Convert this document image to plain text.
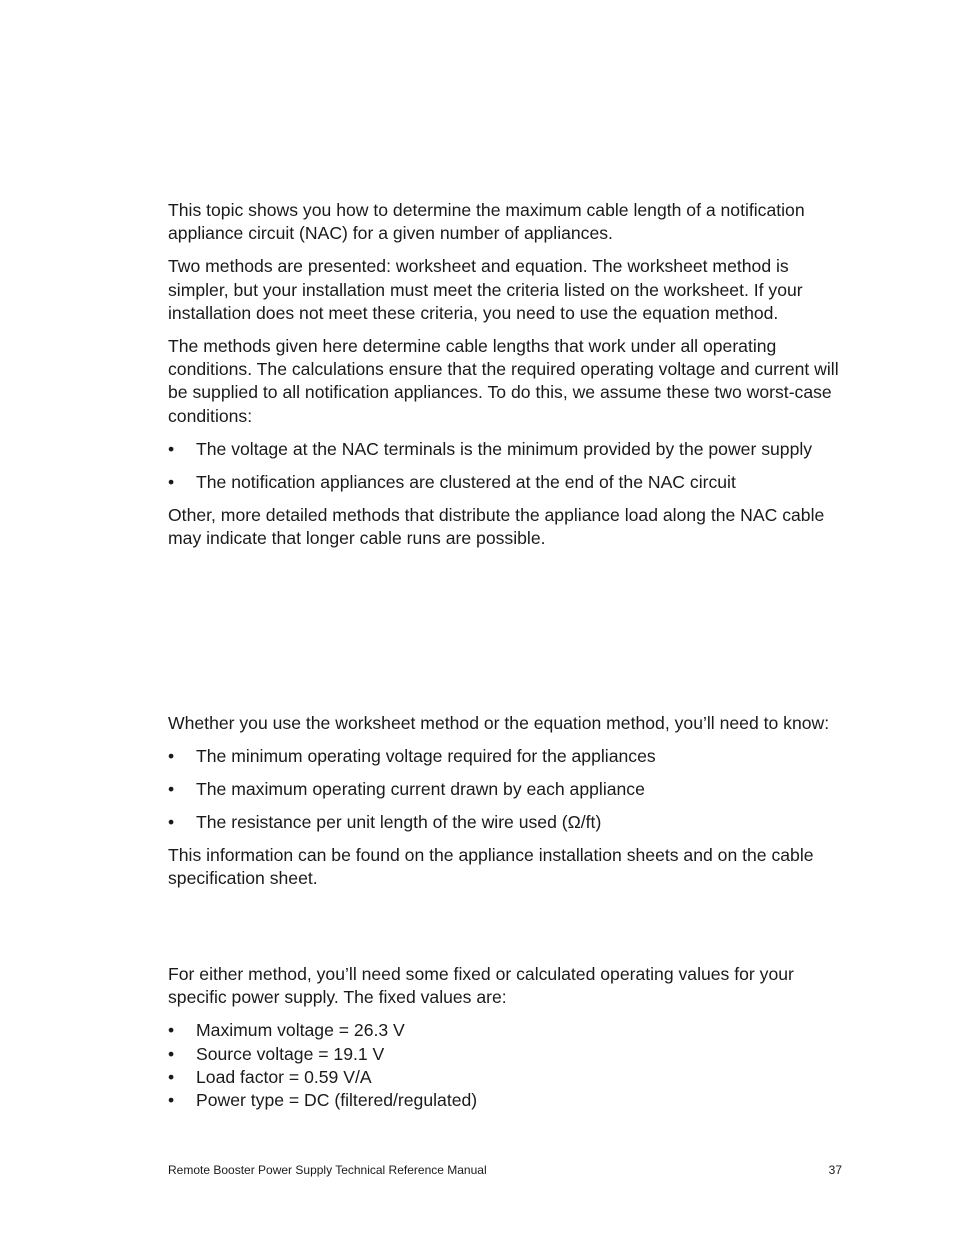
This topic shows you how to determine the maximum cable length of a notification appliance circuit (NAC) for a given number of appliances.

Two methods are presented: worksheet and equation. The worksheet method is simpler, but your installation must meet the criteria listed on the worksheet. If your installation does not meet these criteria, you need to use the equation method.

The methods given here determine cable lengths that work under all operating conditions. The calculations ensure that the required operating voltage and current will be supplied to all notification appliances. To do this, we assume these two worst-case conditions:

• The voltage at the NAC terminals is the minimum provided by the power supply
• The notification appliances are clustered at the end of the NAC circuit

Other, more detailed methods that distribute the appliance load along the NAC cable may indicate that longer cable runs are possible.

Whether you use the worksheet method or the equation method, you’ll need to know:

• The minimum operating voltage required for the appliances
• The maximum operating current drawn by each appliance
• The resistance per unit length of the wire used (Ω/ft)

This information can be found on the appliance installation sheets and on the cable specification sheet.

For either method, you’ll need some fixed or calculated operating values for your specific power supply. The fixed values are:

• Maximum voltage = 26.3 V
• Source voltage = 19.1 V
• Load factor = 0.59 V/A
• Power type = DC (filtered/regulated)
Remote Booster Power Supply Technical Reference Manual	37
